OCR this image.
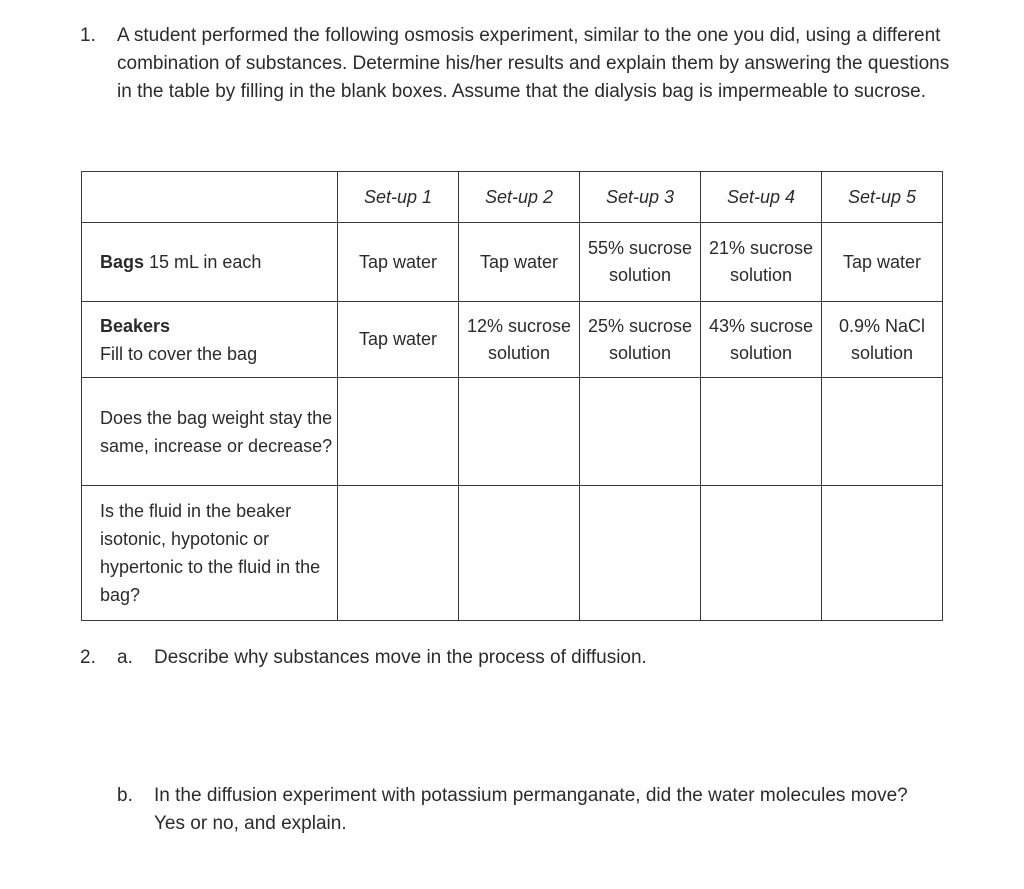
1. A student performed the following osmosis experiment, similar to the one you did, using a different combination of substances. Determine his/her results and explain them by answering the questions in the table by filling in the blank boxes. Assume that the dialysis bag is impermeable to sucrose.
	Set-up 1	Set-up 2	Set-up 3	Set-up 4	Set-up 5
Bags 15 mL in each	Tap water	Tap water	55% sucrose solution	21% sucrose solution	Tap water

Beakers
Fill to cover the bag	Tap water	12% sucrose solution	25% sucrose solution	43% sucrose solution	0.9% NaCl solution
Does the bag weight stay the same, increase or decrease?					
Is the fluid in the beaker isotonic, hypotonic or hypertonic to the fluid in the bag?					
2. a. Describe why substances move in the process of diffusion.
b. In the diffusion experiment with potassium permanganate, did the water molecules move? Yes or no, and explain.
